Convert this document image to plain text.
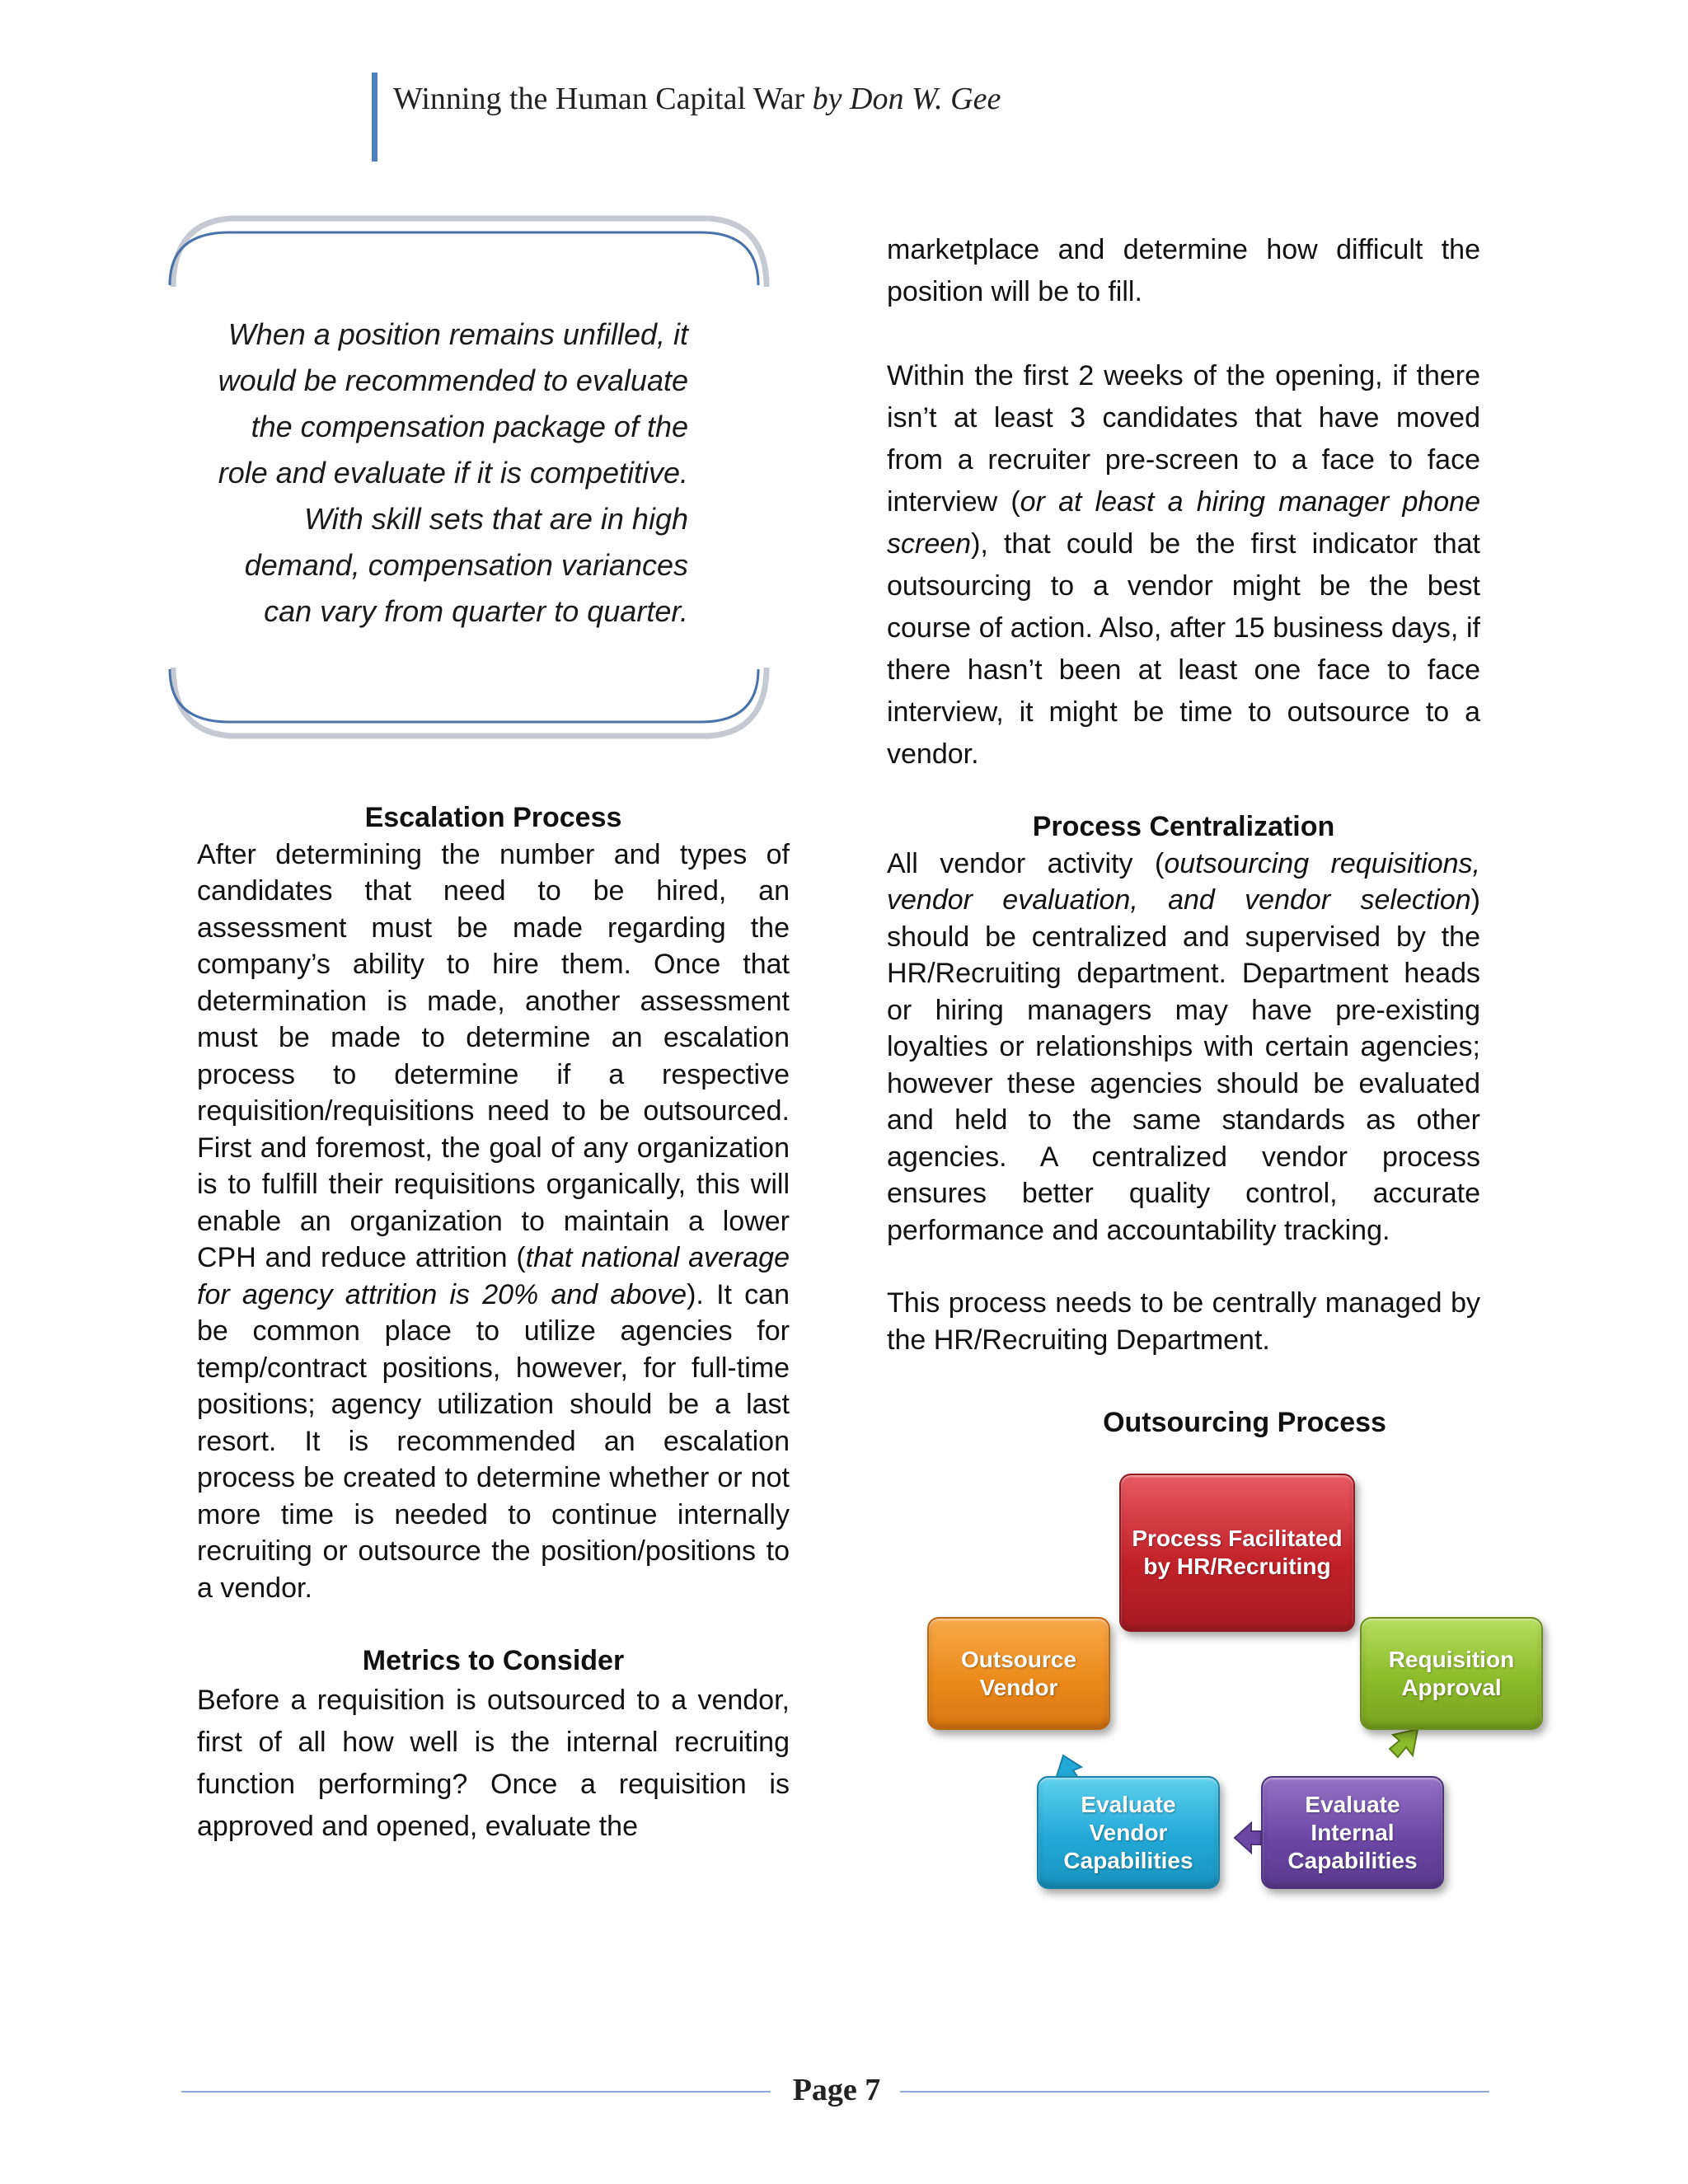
Winning the Human Capital War by Don W. Gee
When a position remains unfilled, it would be recommended to evaluate the compensation package of the role and evaluate if it is competitive. With skill sets that are in high demand, compensation variances can vary from quarter to quarter.

Escalation Process

After determining the number and types of candidates that need to be hired, an assessment must be made regarding the company’s ability to hire them. Once that determination is made, another assessment must be made to determine an escalation process to determine if a respective requisition/requisitions need to be outsourced. First and foremost, the goal of any organization is to fulfill their requisitions organically, this will enable an organization to maintain a lower CPH and reduce attrition (that national average for agency attrition is 20% and above). It can be common place to utilize agencies for temp/contract positions, however, for full-time positions; agency utilization should be a last resort. It is recommended an escalation process be created to determine whether or not more time is needed to continue internally recruiting or outsource the position/positions to a vendor.

Metrics to Consider

Before a requisition is outsourced to a vendor, first of all how well is the internal recruiting function performing? Once a requisition is approved and opened, evaluate the

marketplace and determine how difficult the position will be to fill.

Within the first 2 weeks of the opening, if there isn’t at least 3 candidates that have moved from a recruiter pre-screen to a face to face interview (or at least a hiring manager phone screen), that could be the first indicator that outsourcing to a vendor might be the best course of action. Also, after 15 business days, if there hasn’t been at least one face to face interview, it might be time to outsource to a vendor.

Process Centralization

All vendor activity (outsourcing requisitions, vendor evaluation, and vendor selection) should be centralized and supervised by the HR/Recruiting department. Department heads or hiring managers may have pre-existing loyalties or relationships with certain agencies; however these agencies should be evaluated and held to the same standards as other agencies. A centralized vendor process ensures better quality control, accurate performance and accountability tracking.

This process needs to be centrally managed by the HR/Recruiting Department.

Outsourcing Process
Process Facilitated by HR/Recruiting
Requisition Approval
Evaluate Internal Capabilities
Evaluate Vendor Capabilities
Outsource Vendor
Page 7
